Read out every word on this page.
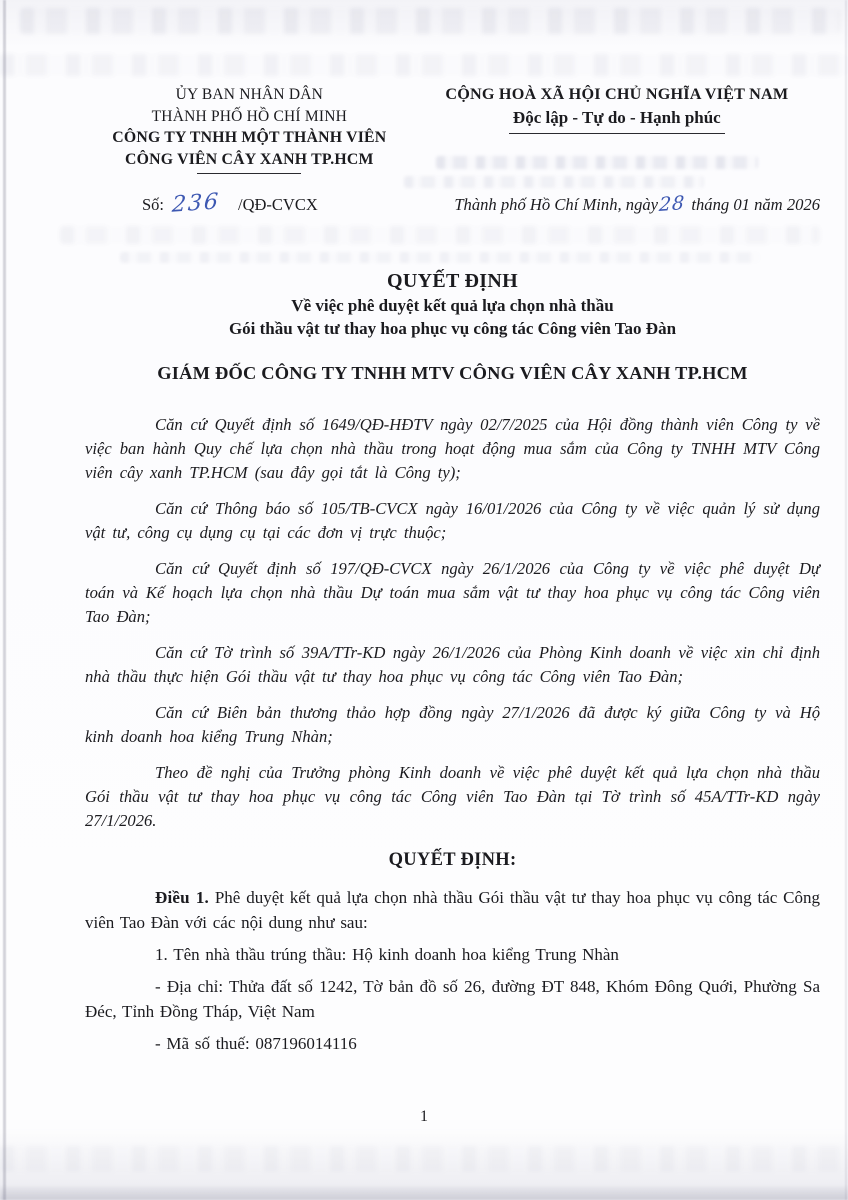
ỦY BAN NHÂN DÂN
THÀNH PHỐ HỒ CHÍ MINH
CÔNG TY TNHH MỘT THÀNH VIÊN
CÔNG VIÊN CÂY XANH TP.HCM
CỘNG HOÀ XÃ HỘI CHỦ NGHĨA VIỆT NAM
Độc lập - Tự do - Hạnh phúc
Số: 236 /QĐ-CVCX	Thành phố Hồ Chí Minh, ngày28 tháng 01 năm 2026
QUYẾT ĐỊNH
Về việc phê duyệt kết quả lựa chọn nhà thầu
Gói thầu vật tư thay hoa phục vụ công tác Công viên Tao Đàn
GIÁM ĐỐC CÔNG TY TNHH MTV CÔNG VIÊN CÂY XANH TP.HCM

Căn cứ Quyết định số 1649/QĐ-HĐTV ngày 02/7/2025 của Hội đồng thành viên Công ty về việc ban hành Quy chế lựa chọn nhà thầu trong hoạt động mua sắm của Công ty TNHH MTV Công viên cây xanh TP.HCM (sau đây gọi tắt là Công ty);

Căn cứ Thông báo số 105/TB-CVCX ngày 16/01/2026 của Công ty về việc quản lý sử dụng vật tư, công cụ dụng cụ tại các đơn vị trực thuộc;

Căn cứ Quyết định số 197/QĐ-CVCX ngày 26/1/2026 của Công ty về việc phê duyệt Dự toán và Kế hoạch lựa chọn nhà thầu Dự toán mua sắm vật tư thay hoa phục vụ công tác Công viên Tao Đàn;

Căn cứ Tờ trình số 39A/TTr-KD ngày 26/1/2026 của Phòng Kinh doanh về việc xin chỉ định nhà thầu thực hiện Gói thầu vật tư thay hoa phục vụ công tác Công viên Tao Đàn;

Căn cứ Biên bản thương thảo hợp đồng ngày 27/1/2026 đã được ký giữa Công ty và Hộ kinh doanh hoa kiểng Trung Nhàn;

Theo đề nghị của Trưởng phòng Kinh doanh về việc phê duyệt kết quả lựa chọn nhà thầu Gói thầu vật tư thay hoa phục vụ công tác Công viên Tao Đàn tại Tờ trình số 45A/TTr-KD ngày 27/1/2026.

QUYẾT ĐỊNH:

Điều 1. Phê duyệt kết quả lựa chọn nhà thầu Gói thầu vật tư thay hoa phục vụ công tác Công viên Tao Đàn với các nội dung như sau:

1. Tên nhà thầu trúng thầu: Hộ kinh doanh hoa kiểng Trung Nhàn

- Địa chỉ: Thửa đất số 1242, Tờ bản đồ số 26, đường ĐT 848, Khóm Đông Quới, Phường Sa Đéc, Tỉnh Đồng Tháp, Việt Nam

- Mã số thuế: 087196014116

1
